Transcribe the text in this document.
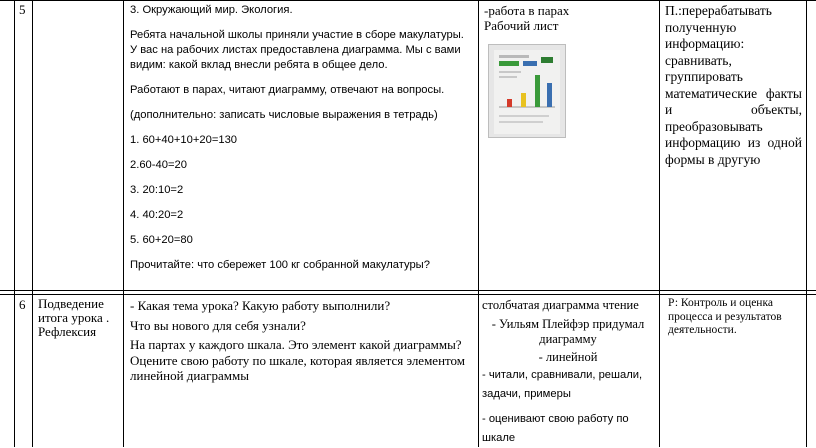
5	3. Окружающий мир. Экология.

Ребята начальной школы приняли участие в сборе макулатуры. У вас на рабочих листах предоставлена диаграмма. Мы с вами видим: какой вклад внесли ребята в общее дело.

Работают в парах, читают диаграмму, отвечают на вопросы.

(дополнительно: записать числовые выражения в тетрадь)

1. 60+40+10+20=130

2.60-40=20

3. 20:10=2

4. 40:20=2

5. 60+20=80

Прочитайте: что сбережет 100 кг собранной макулатуры?

-работа в парах

Рабочий лист

П.:перерабатывать полученную информацию: сравнивать, группировать математические факты и объекты, преобразовывать информацию из одной формы в другую
6 Подведение итога урока . Рефлексия

- Какая тема урока? Какую работу выполнили?

Что вы нового для себя узнали?

На партах у каждого шкала. Это элемент какой диаграммы? Оцените свою работу по шкале, которая является элементом линейной диаграммы

столбчатая диаграмма чтение

- Уильям Плейфэр придумал диаграмму

- линейной

- читали, сравнивали, решали, задачи, примеры

- оценивают свою работу по шкале

Р: Контроль и оценка процесса и результатов деятельности.
